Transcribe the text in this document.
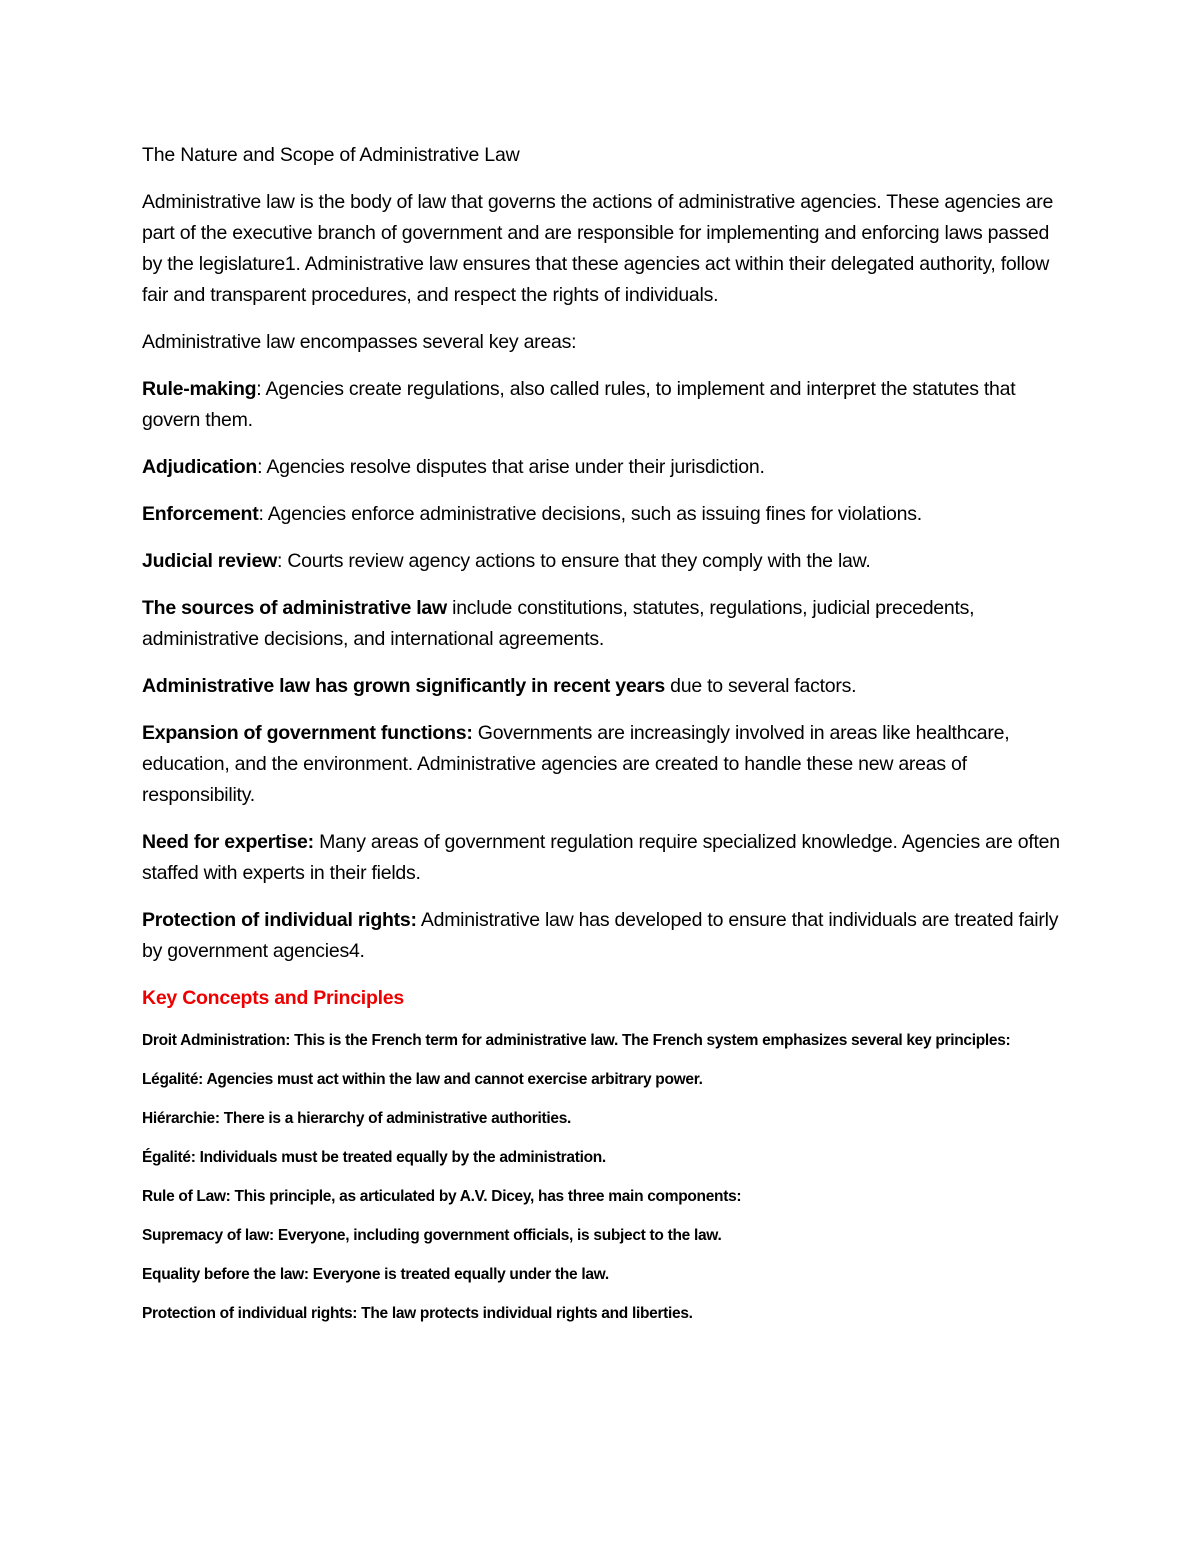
The Nature and Scope of Administrative Law

Administrative law is the body of law that governs the actions of administrative agencies. These agencies are part of the executive branch of government and are responsible for implementing and enforcing laws passed by the legislature1. Administrative law ensures that these agencies act within their delegated authority, follow fair and transparent procedures, and respect the rights of individuals.

Administrative law encompasses several key areas:

Rule-making: Agencies create regulations, also called rules, to implement and interpret the statutes that govern them.

Adjudication: Agencies resolve disputes that arise under their jurisdiction.

Enforcement: Agencies enforce administrative decisions, such as issuing fines for violations.

Judicial review: Courts review agency actions to ensure that they comply with the law.

The sources of administrative law include constitutions, statutes, regulations, judicial precedents, administrative decisions, and international agreements.

Administrative law has grown significantly in recent years due to several factors.

Expansion of government functions: Governments are increasingly involved in areas like healthcare, education, and the environment. Administrative agencies are created to handle these new areas of responsibility.

Need for expertise: Many areas of government regulation require specialized knowledge. Agencies are often staffed with experts in their fields.

Protection of individual rights: Administrative law has developed to ensure that individuals are treated fairly by government agencies4.

Key Concepts and Principles

Droit Administration: This is the French term for administrative law. The French system emphasizes several key principles:

Légalité: Agencies must act within the law and cannot exercise arbitrary power.

Hiérarchie: There is a hierarchy of administrative authorities.

Égalité: Individuals must be treated equally by the administration.

Rule of Law: This principle, as articulated by A.V. Dicey, has three main components:

Supremacy of law: Everyone, including government officials, is subject to the law.

Equality before the law: Everyone is treated equally under the law.

Protection of individual rights: The law protects individual rights and liberties.
